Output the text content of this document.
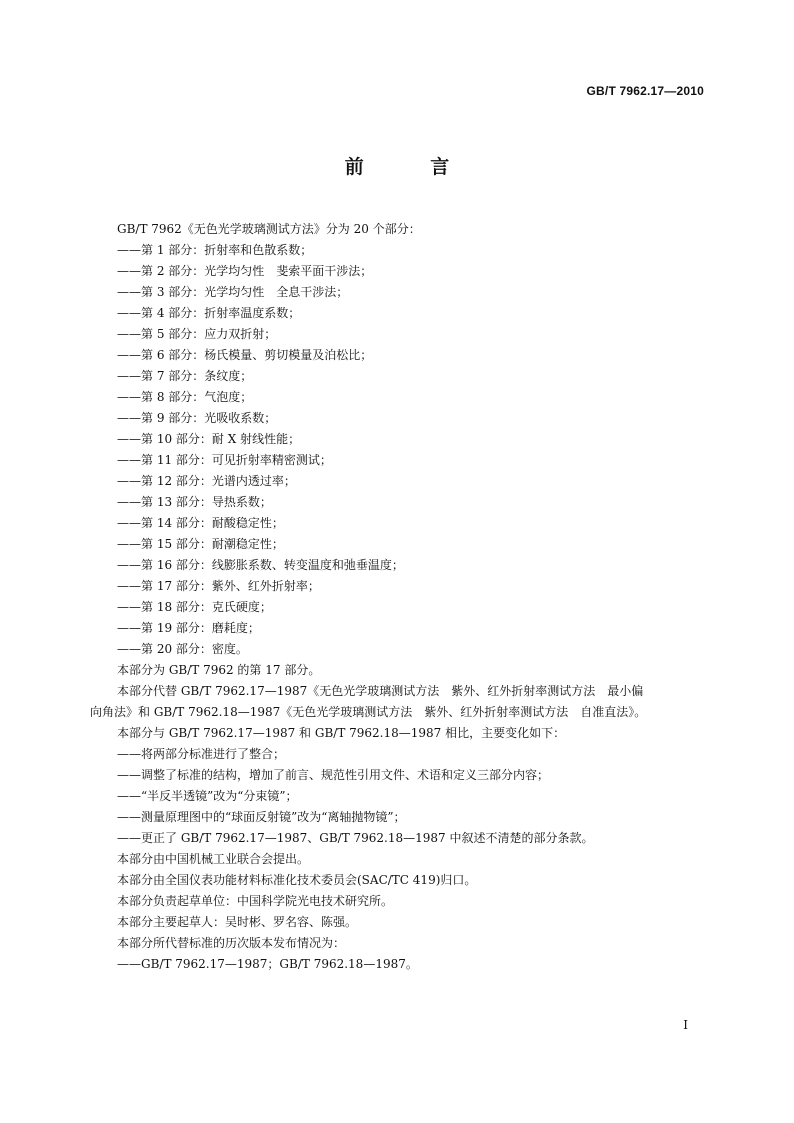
GB/T 7962.17—2010
前 言
GB/T 7962《无色光学玻璃测试方法》分为 20 个部分：
——第 1 部分：折射率和色散系数；
——第 2 部分：光学均匀性　斐索平面干涉法；
——第 3 部分：光学均匀性　全息干涉法；
——第 4 部分：折射率温度系数；
——第 5 部分：应力双折射；
——第 6 部分：杨氏模量、剪切模量及泊松比；
——第 7 部分：条纹度；
——第 8 部分：气泡度；
——第 9 部分：光吸收系数；
——第 10 部分：耐 X 射线性能；
——第 11 部分：可见折射率精密测试；
——第 12 部分：光谱内透过率；
——第 13 部分：导热系数；
——第 14 部分：耐酸稳定性；
——第 15 部分：耐潮稳定性；
——第 16 部分：线膨胀系数、转变温度和弛垂温度；
——第 17 部分：紫外、红外折射率；
——第 18 部分：克氏硬度；
——第 19 部分：磨耗度；
——第 20 部分：密度。
本部分为 GB/T 7962 的第 17 部分。
本部分代替 GB/T 7962.17—1987《无色光学玻璃测试方法　紫外、红外折射率测试方法　最小偏
向角法》和 GB/T 7962.18—1987《无色光学玻璃测试方法　紫外、红外折射率测试方法　自准直法》。
本部分与 GB/T 7962.17—1987 和 GB/T 7962.18—1987 相比，主要变化如下：
——将两部分标准进行了整合；
——调整了标准的结构，增加了前言、规范性引用文件、术语和定义三部分内容；
——“半反半透镜”改为“分束镜”；
——测量原理图中的“球面反射镜”改为“离轴抛物镜”；
——更正了 GB/T 7962.17—1987、GB/T 7962.18—1987 中叙述不清楚的部分条款。
本部分由中国机械工业联合会提出。
本部分由全国仪表功能材料标准化技术委员会(SAC/TC 419)归口。
本部分负责起草单位：中国科学院光电技术研究所。
本部分主要起草人：吴时彬、罗名容、陈强。
本部分所代替标准的历次版本发布情况为：
——GB/T 7962.17—1987；GB/T 7962.18—1987。
I
